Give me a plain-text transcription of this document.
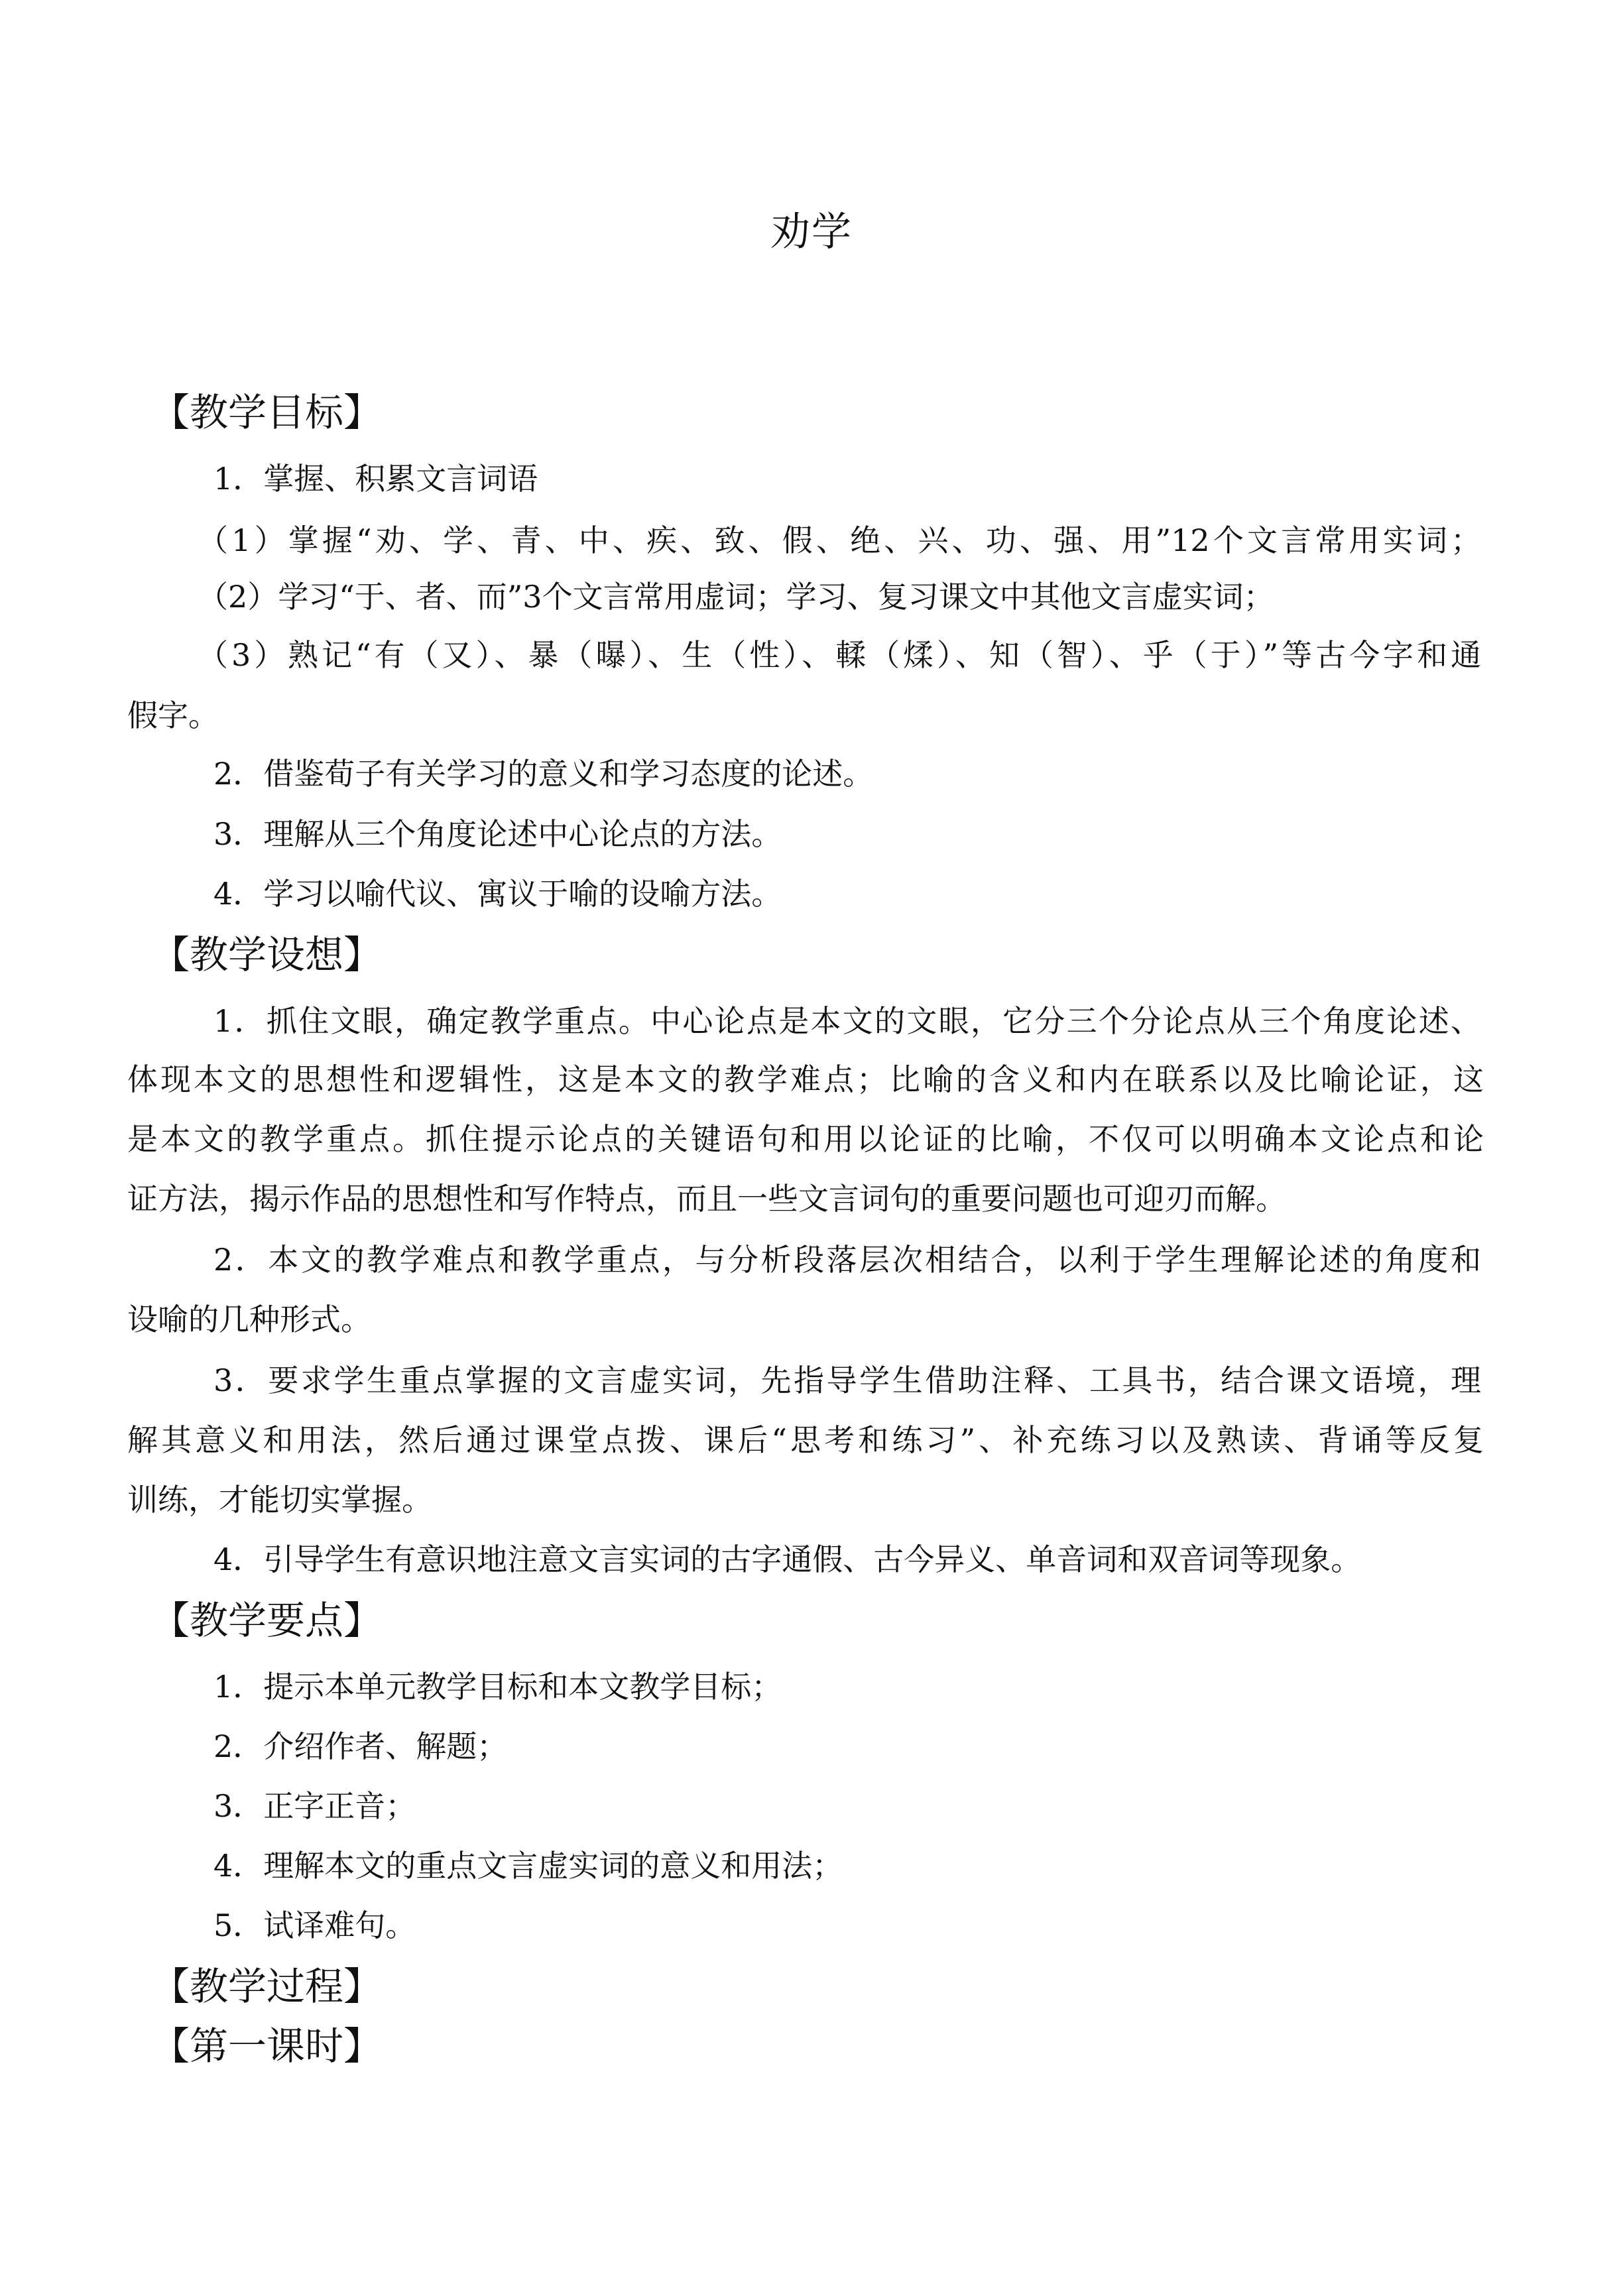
劝学
【教学目标】
1．掌握、积累文言词语
（1）掌握“劝、学、青、中、疾、致、假、绝、兴、功、强、用”12个文言常用实词；
（2）学习“于、者、而”3个文言常用虚词；学习、复习课文中其他文言虚实词；
（3）熟记“有（又）、暴（曝）、生（性）、輮（煣）、知（智）、乎（于）”等古今字和通
假字。
2．借鉴荀子有关学习的意义和学习态度的论述。
3．理解从三个角度论述中心论点的方法。
4．学习以喻代议、寓议于喻的设喻方法。
【教学设想】
1．抓住文眼，确定教学重点。中心论点是本文的文眼，它分三个分论点从三个角度论述、
体现本文的思想性和逻辑性，这是本文的教学难点；比喻的含义和内在联系以及比喻论证，这
是本文的教学重点。抓住提示论点的关键语句和用以论证的比喻，不仅可以明确本文论点和论
证方法，揭示作品的思想性和写作特点，而且一些文言词句的重要问题也可迎刃而解。
2．本文的教学难点和教学重点，与分析段落层次相结合，以利于学生理解论述的角度和
设喻的几种形式。
3．要求学生重点掌握的文言虚实词，先指导学生借助注释、工具书，结合课文语境，理
解其意义和用法，然后通过课堂点拨、课后“思考和练习”、补充练习以及熟读、背诵等反复
训练，才能切实掌握。
4．引导学生有意识地注意文言实词的古字通假、古今异义、单音词和双音词等现象。
【教学要点】
1．提示本单元教学目标和本文教学目标；
2．介绍作者、解题；
3．正字正音；
4．理解本文的重点文言虚实词的意义和用法；
5．试译难句。
【教学过程】
【第一课时】
